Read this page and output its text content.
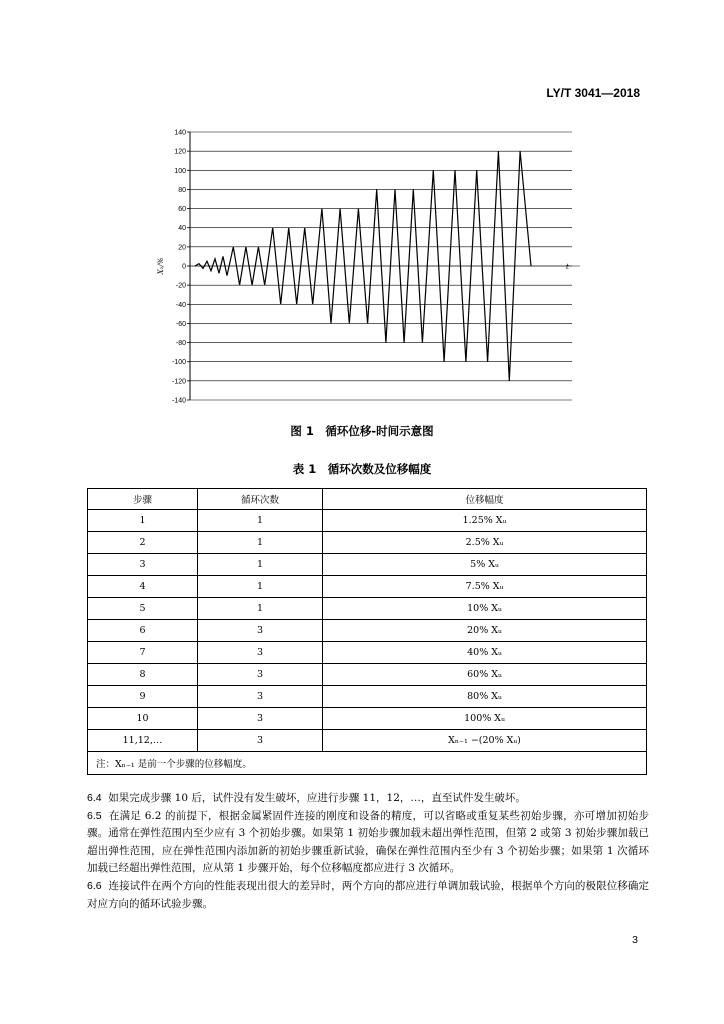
LY/T 3041—2018
140
120
100
80
60
40
20
0
-20
-40
-60
-80
-100
-120
-140
t
X₁/%
图 1　循环位移-时间示意图
表 1　循环次数及位移幅度
步骤	循环次数	位移幅度
1	1	1.25% Xᵤ
2	1	2.5% Xᵤ
3	1	5% Xᵤ
4	1	7.5% Xᵤ
5	1	10% Xᵤ
6	3	20% Xᵤ
7	3	40% Xᵤ
8	3	60% Xᵤ
9	3	80% Xᵤ
10	3	100% Xᵤ
11,12,…	3	Xₙ₋₁ −(20% Xᵤ)
注：Xₙ₋₁ 是前一个步骤的位移幅度。		

6.4 如果完成步骤 10 后，试件没有发生破坏，应进行步骤 11，12，…，直至试件发生破坏。

6.5 在满足 6.2 的前提下，根据金属紧固件连接的刚度和设备的精度，可以省略或重复某些初始步骤，亦可增加初始步骤。通常在弹性范围内至少应有 3 个初始步骤。如果第 1 初始步骤加载未超出弹性范围，但第 2 或第 3 初始步骤加载已超出弹性范围，应在弹性范围内添加新的初始步骤重新试验，确保在弹性范围内至少有 3 个初始步骤；如果第 1 次循环加载已经超出弹性范围，应从第 1 步骤开始，每个位移幅度都应进行 3 次循环。

6.6 连接试件在两个方向的性能表现出很大的差异时，两个方向的都应进行单调加载试验，根据单个方向的极限位移确定对应方向的循环试验步骤。

3
